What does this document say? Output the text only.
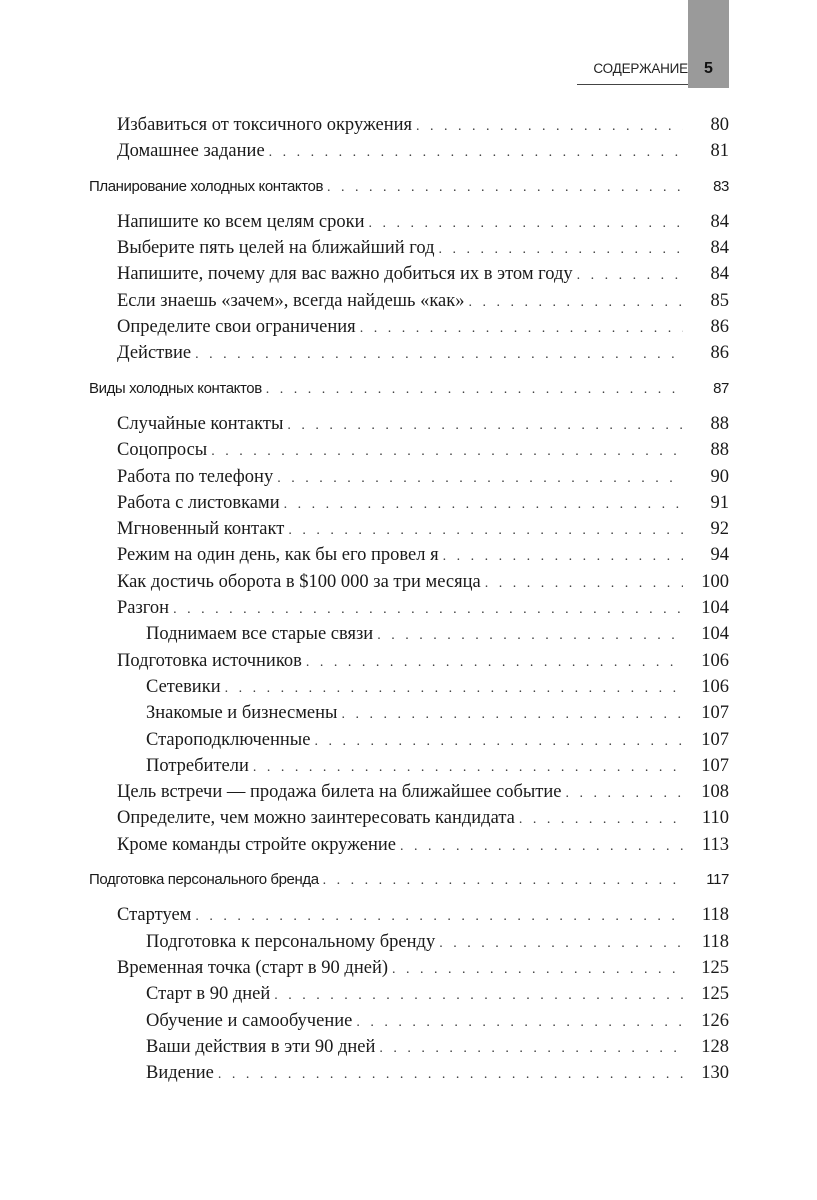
5
СОДЕРЖАНИЕ
Избавиться от токсичного окружения . . .	80
Домашнее задание . . .	81
Планирование холодных контактов . . .	83
Напишите ко всем целям сроки . . .	84
Выберите пять целей на ближайший год . . .	84
Напишите, почему для вас важно добиться их в этом году . . .	84
Если знаешь «зачем», всегда найдешь «как» . . .	85
Определите свои ограничения . . .	86
Действие . . .	86
Виды холодных контактов . . .	87
Случайные контакты . . .	88
Соцопросы . . .	88
Работа по телефону . . .	90
Работа с листовками . . .	91
Мгновенный контакт . . .	92
Режим на один день, как бы его провел я . . .	94
Как достичь оборота в $100 000 за три месяца . . .	100
Разгон . . .	104
Поднимаем все старые связи . . .	104
Подготовка источников . . .	106
Сетевики . . .	106
Знакомые и бизнесмены . . .	107
Староподключенные . . .	107
Потребители . . .	107
Цель встречи — продажа билета на ближайшее событие . . .	108
Определите, чем можно заинтересовать кандидата . . .	110
Кроме команды стройте окружение . . .	113
Подготовка персонального бренда . . .	117
Стартуем . . .	118
Подготовка к персональному бренду . . .	118
Временная точка (старт в 90 дней) . . .	125
Старт в 90 дней . . .	125
Обучение и самообучение . . .	126
Ваши действия в эти 90 дней . . .	128
Видение . . .	130
